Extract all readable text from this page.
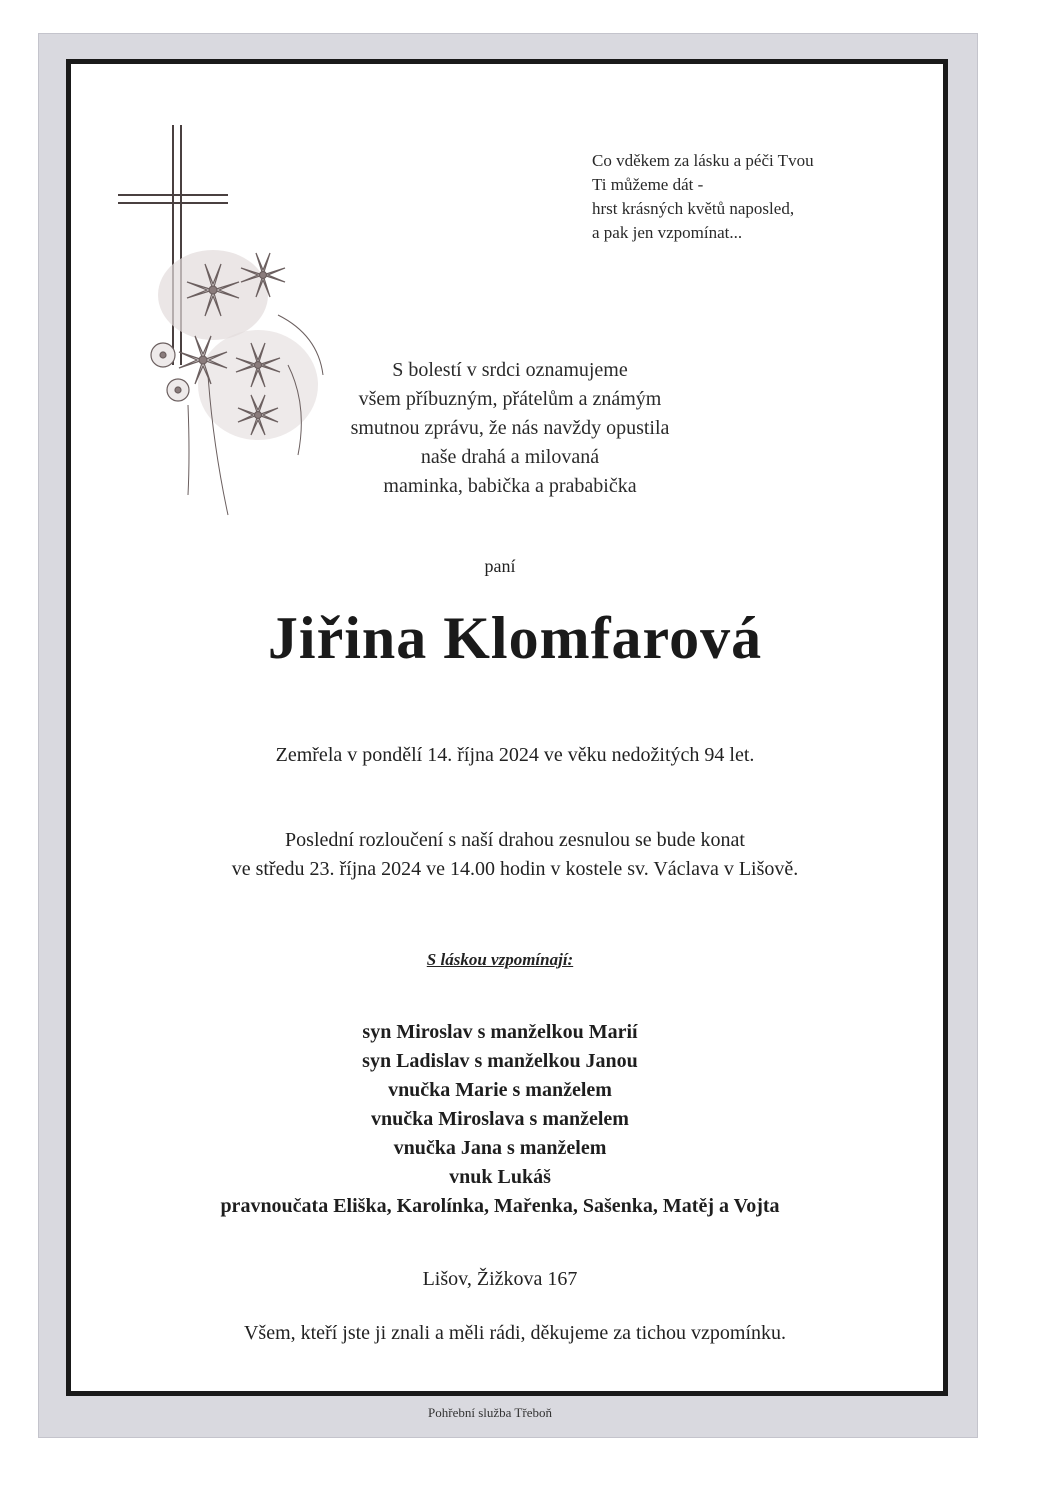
Co vděkem za lásku a péči Tvou
Ti můžeme dát -
hrst krásných květů naposled,
a pak jen vzpomínat...
S bolestí v srdci oznamujeme
všem příbuzným, přátelům a známým
smutnou zprávu, že nás navždy opustila
naše drahá a milovaná
maminka, babička a prababička
paní
Jiřina Klomfarová
Zemřela v pondělí 14. října 2024 ve věku nedožitých 94 let.
Poslední rozloučení s naší drahou zesnulou se bude konat
ve středu 23. října 2024 ve 14.00 hodin v kostele sv. Václava v Lišově.
S láskou vzpomínají:
syn Miroslav s manželkou Marií
syn Ladislav s manželkou Janou
vnučka Marie s manželem
vnučka Miroslava s manželem
vnučka Jana s manželem
vnuk Lukáš
pravnoučata Eliška, Karolínka, Mařenka, Sašenka, Matěj a Vojta
Lišov, Žižkova 167
Všem, kteří jste ji znali a měli rádi, děkujeme za tichou vzpomínku.
Pohřební služba Třeboň
